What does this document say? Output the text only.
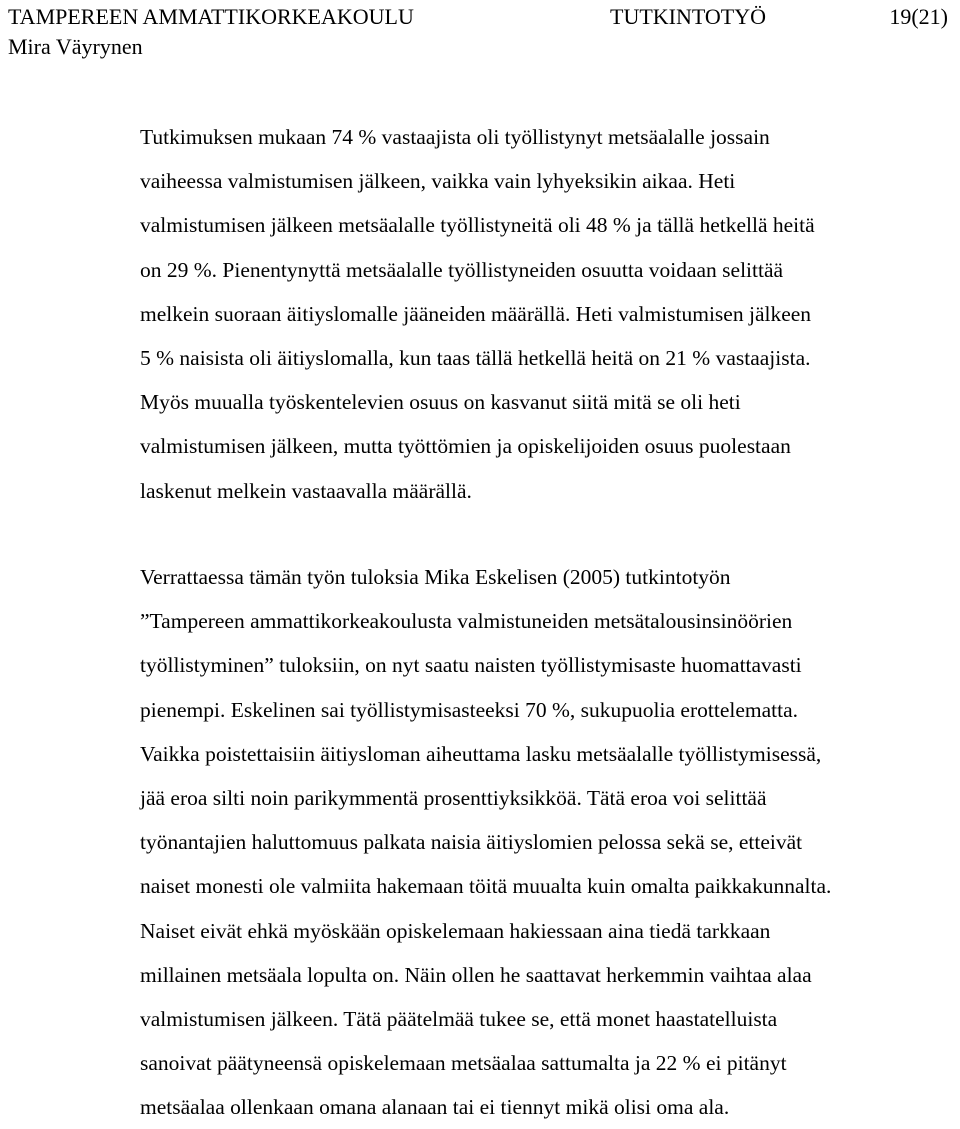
TAMPEREEN AMMATTIKORKEAKOULU	TUTKINTOTYÖ	19(21)
Mira Väyrynen
Tutkimuksen mukaan 74 % vastaajista oli työllistynyt metsäalalle jossain
vaiheessa valmistumisen jälkeen, vaikka vain lyhyeksikin aikaa. Heti
valmistumisen jälkeen metsäalalle työllistyneitä oli 48 % ja tällä hetkellä heitä
on 29 %. Pienentynyttä metsäalalle työllistyneiden osuutta voidaan selittää
melkein suoraan äitiyslomalle jääneiden määrällä. Heti valmistumisen jälkeen
5 % naisista oli äitiyslomalla, kun taas tällä hetkellä heitä on 21 % vastaajista.
Myös muualla työskentelevien osuus on kasvanut siitä mitä se oli heti
valmistumisen jälkeen, mutta työttömien ja opiskelijoiden osuus puolestaan
laskenut melkein vastaavalla määrällä.
Verrattaessa tämän työn tuloksia Mika Eskelisen (2005) tutkintotyön
”Tampereen ammattikorkeakoulusta valmistuneiden metsätalousinsinöörien
työllistyminen” tuloksiin, on nyt saatu naisten työllistymisaste huomattavasti
pienempi. Eskelinen sai työllistymisasteeksi 70 %, sukupuolia erottelematta.
Vaikka poistettaisiin äitiysloman aiheuttama lasku metsäalalle työllistymisessä,
jää eroa silti noin parikymmentä prosenttiyksikköä. Tätä eroa voi selittää
työnantajien haluttomuus palkata naisia äitiyslomien pelossa sekä se, etteivät
naiset monesti ole valmiita hakemaan töitä muualta kuin omalta paikkakunnalta.
Naiset eivät ehkä myöskään opiskelemaan hakiessaan aina tiedä tarkkaan
millainen metsäala lopulta on. Näin ollen he saattavat herkemmin vaihtaa alaa
valmistumisen jälkeen. Tätä päätelmää tukee se, että monet haastatelluista
sanoivat päätyneensä opiskelemaan metsäalaa sattumalta ja 22 % ei pitänyt
metsäalaa ollenkaan omana alanaan tai ei tiennyt mikä olisi oma ala.
